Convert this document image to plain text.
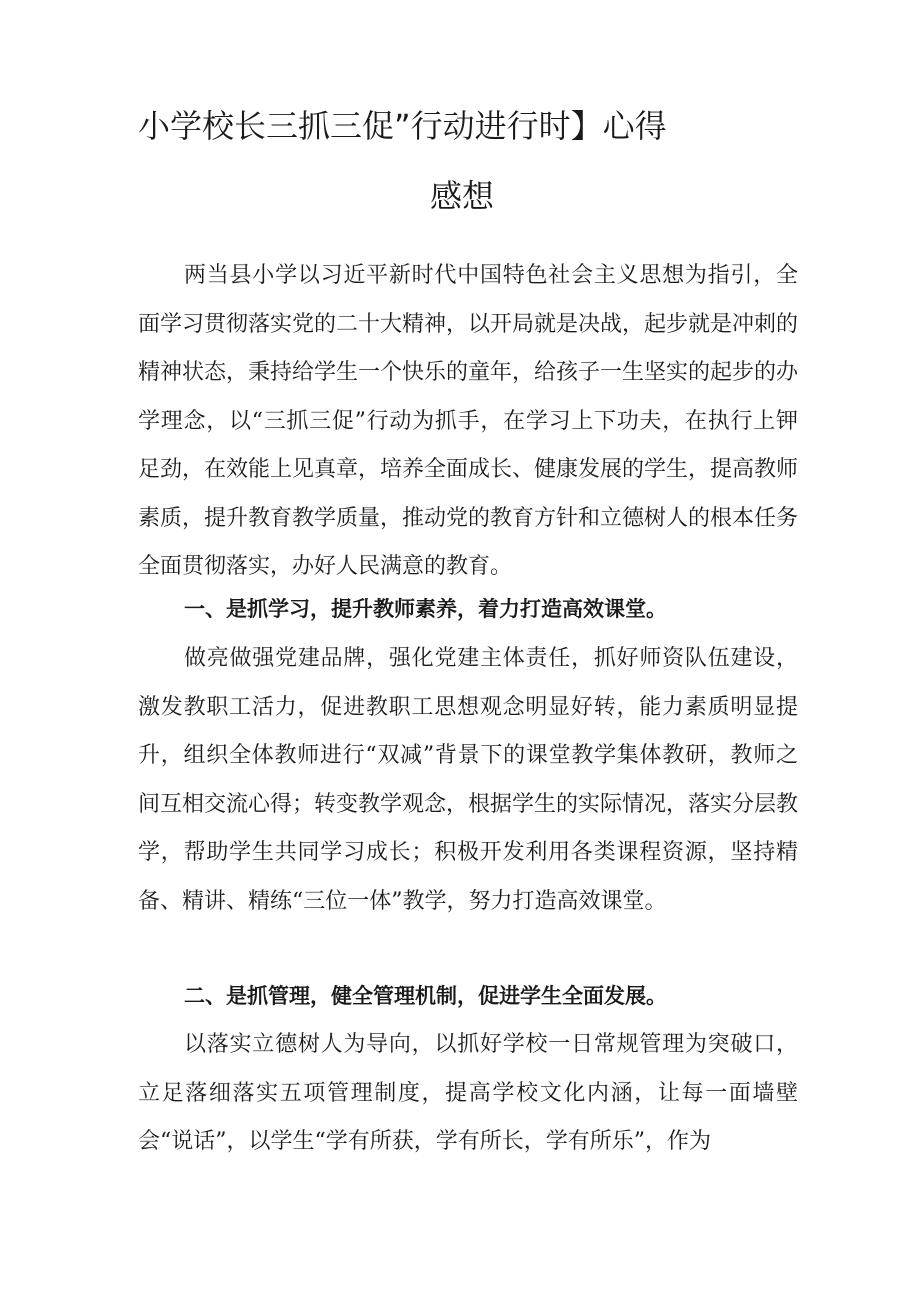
小学校长三抓三促”行动进行时】心得
感想
两当县小学以习近平新时代中国特色社会主义思想为指引，全面学习贯彻落实党的二十大精神，以开局就是决战，起步就是冲刺的精神状态，秉持给学生一个快乐的童年，给孩子一生坚实的起步的办学理念，以“三抓三促”行动为抓手，在学习上下功夫，在执行上钾足劲，在效能上见真章，培养全面成长、健康发展的学生，提高教师素质，提升教育教学质量，推动党的教育方针和立德树人的根本任务全面贯彻落实，办好人民满意的教育。
一、是抓学习，提升教师素养，着力打造高效课堂。
做亮做强党建品牌，强化党建主体责任，抓好师资队伍建设，激发教职工活力，促进教职工思想观念明显好转，能力素质明显提升，组织全体教师进行“双减”背景下的课堂教学集体教研，教师之间互相交流心得；转变教学观念，根据学生的实际情况，落实分层教学，帮助学生共同学习成长；积极开发利用各类课程资源，坚持精备、精讲、精练“三位一体”教学，努力打造高效课堂。
二、是抓管理，健全管理机制，促进学生全面发展。
以落实立德树人为导向，以抓好学校一日常规管理为突破口，立足落细落实五项管理制度，提高学校文化内涵，让每一面墙壁会“说话”，以学生“学有所获，学有所长，学有所乐”，作为
